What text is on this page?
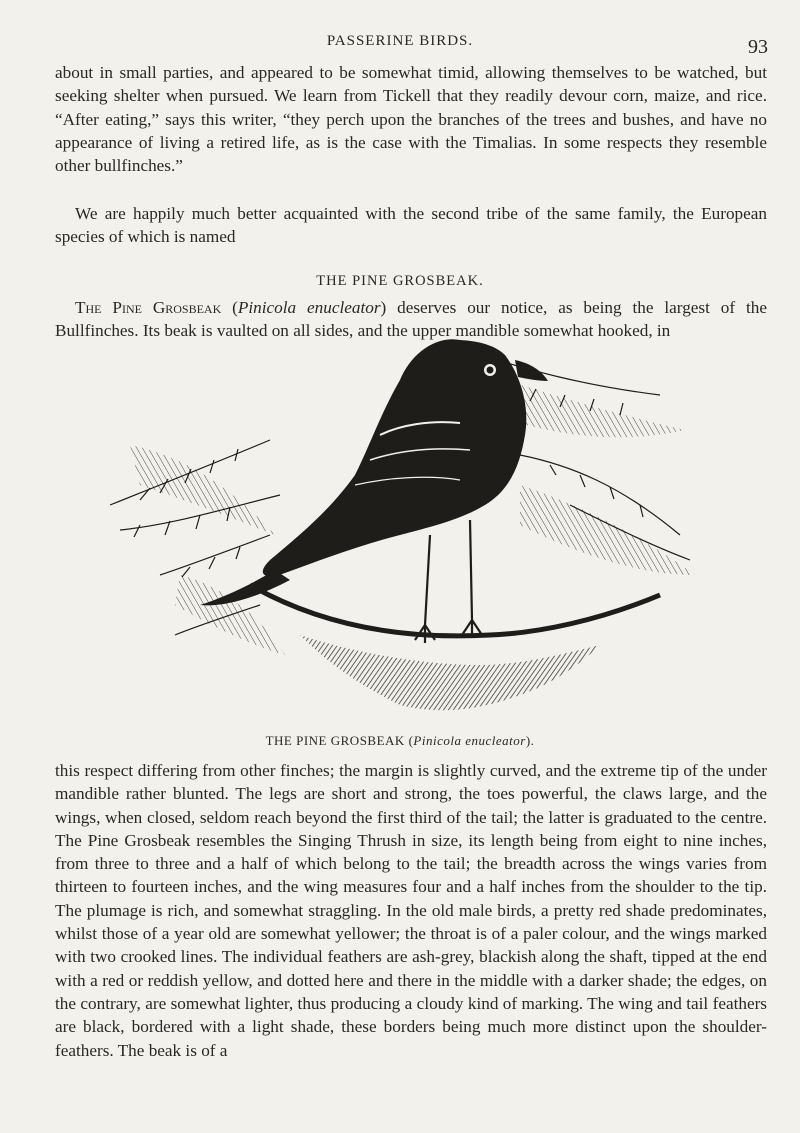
PASSERINE BIRDS.	93

about in small parties, and appeared to be somewhat timid, allowing themselves to be watched, but seeking shelter when pursued. We learn from Tickell that they readily devour corn, maize, and rice. “After eating,” says this writer, “they perch upon the branches of the trees and bushes, and have no appearance of living a retired life, as is the case with the Timalias. In some respects they resemble other bullfinches.”

We are happily much better acquainted with the second tribe of the same family, the European species of which is named

THE PINE GROSBEAK.

The Pine Grosbeak (Pinicola enucleator) deserves our notice, as being the largest of the Bullfinches. Its beak is vaulted on all sides, and the upper mandible somewhat hooked, in

THE PINE GROSBEAK (Pinicola enucleator).

this respect differing from other finches; the margin is slightly curved, and the extreme tip of the under mandible rather blunted. The legs are short and strong, the toes powerful, the claws large, and the wings, when closed, seldom reach beyond the first third of the tail; the latter is graduated to the centre. The Pine Grosbeak resembles the Singing Thrush in size, its length being from eight to nine inches, from three to three and a half of which belong to the tail; the breadth across the wings varies from thirteen to fourteen inches, and the wing measures four and a half inches from the shoulder to the tip. The plumage is rich, and somewhat straggling. In the old male birds, a pretty red shade predominates, whilst those of a year old are somewhat yellower; the throat is of a paler colour, and the wings marked with two crooked lines. The individual feathers are ash-grey, blackish along the shaft, tipped at the end with a red or reddish yellow, and dotted here and there in the middle with a darker shade; the edges, on the contrary, are somewhat lighter, thus producing a cloudy kind of marking. The wing and tail feathers are black, bordered with a light shade, these borders being much more distinct upon the shoulder-feathers. The beak is of a
